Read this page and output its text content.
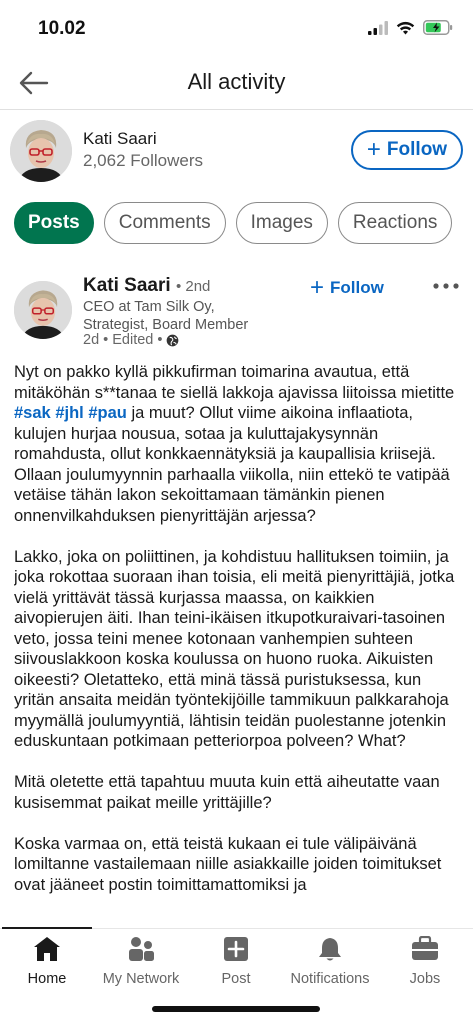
10.02
All activity
Kati Saari
2,062 Followers	+ Follow
Posts	Comments	Images	Reactions
Kati Saari • 2nd
CEO at Tam Silk Oy, Strategist, Board Member
2d • Edited •
+ Follow

Nyt on pakko kyllä pikkufirman toimarina avautua, että mitäköhän s**tanaa te siellä lakkoja ajavissa liitoissa mietitte #sak #jhl #pau ja muut? Ollut viime aikoina inflaatiota, kulujen hurjaa nousua, sotaa ja kuluttajakysynnän romahdusta, ollut konkkaennätyksiä ja kaupallisia kriisejä. Ollaan joulumyynnin parhaalla viikolla, niin ettekö te vatipää vetäise tähän lakon sekoittamaan tämänkin pienen onnenvilkahduksen pienyrittäjän arjessa?

Lakko, joka on poliittinen, ja kohdistuu hallituksen toimiin, ja joka rokottaa suoraan ihan toisia, eli meitä pienyrittäjiä, jotka vielä yrittävät tässä kurjassa maassa, on kaikkien aivopierujen äiti. Ihan teini-ikäisen itkupotkuraivari-tasoinen veto, jossa teini menee kotonaan vanhempien suhteen siivouslakkoon koska koulussa on huono ruoka. Aikuisten oikeesti? Oletatteko, että minä tässä puristuksessa, kun yritän ansaita meidän työntekijöille tammikuun palkkarahoja myymällä joulumyyntiä, lähtisin teidän puolestanne jotenkin eduskuntaan potkimaan petteriorpoa polveen? What?

Mitä oletette että tapahtuu muuta kuin että aiheutatte vaan kusisemmat paikat meille yrittäjille?

Koska varmaa on, että teistä kukaan ei tule välipäivänä lomiltanne vastailemaan niille asiakkaille joiden toimitukset ovat jääneet postin toimittamattomiksi ja

Home	My Network	Post	Notifications	Jobs
